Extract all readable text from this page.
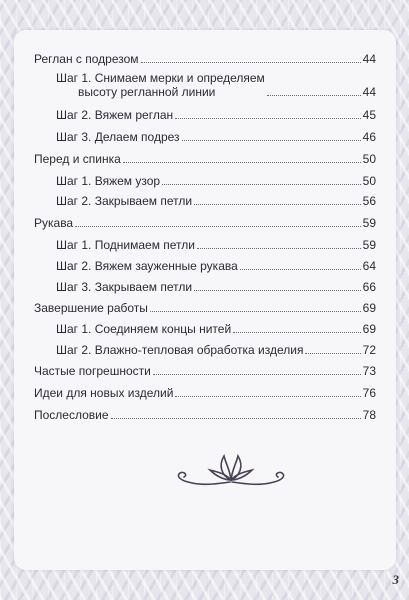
Реглан с подрезом	44
Шаг 1. Снимаем мерки и определяем
высоту регланной линии	44
Шаг 2. Вяжем реглан	45
Шаг 3. Делаем подрез	46
Перед и спинка	50
Шаг 1. Вяжем узор	50
Шаг 2. Закрываем петли	56
Рукава	59
Шаг 1. Поднимаем петли	59
Шаг 2. Вяжем зауженные рукава	64
Шаг 3. Закрываем петли	66
Завершение работы	69
Шаг 1. Соединяем концы нитей	69
Шаг 2. Влажно-тепловая обработка изделия	72
Частые погрешности	73
Идеи для новых изделий	76
Послесловие	78
3
